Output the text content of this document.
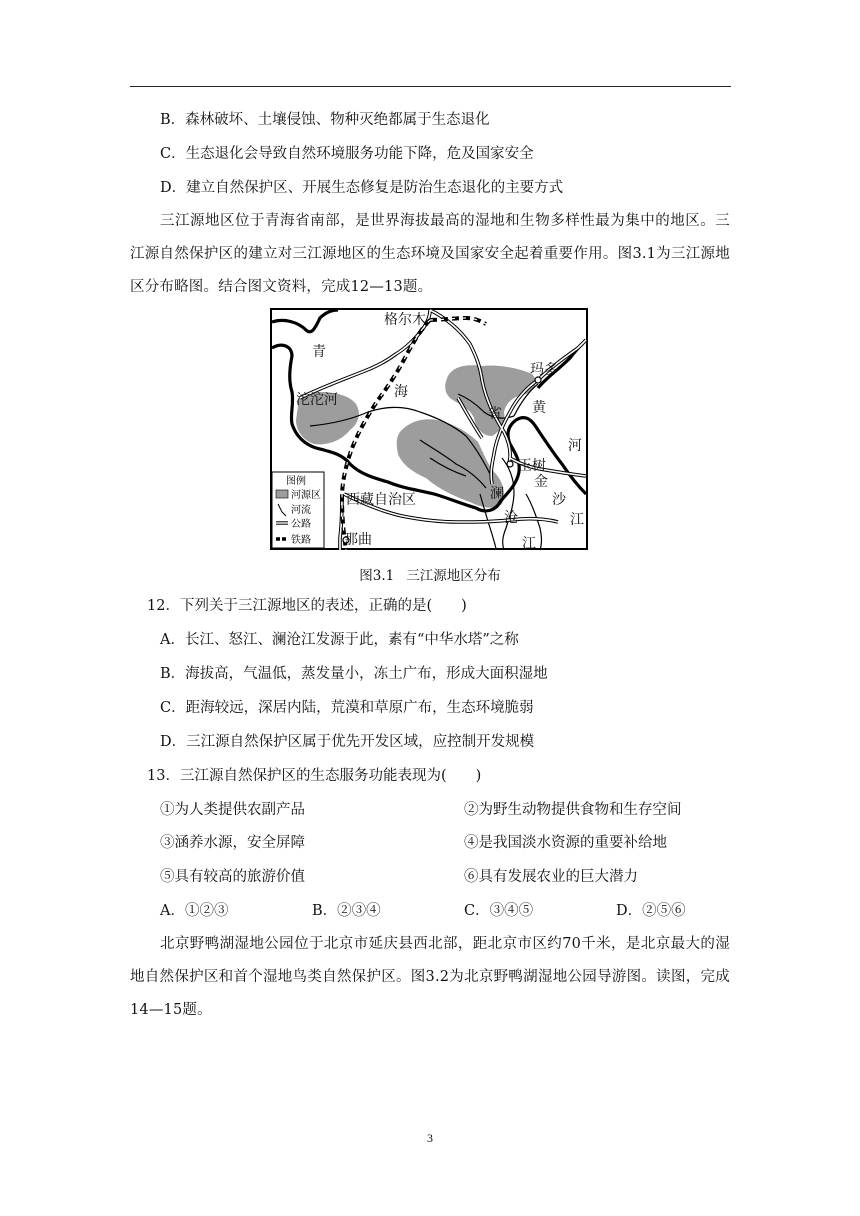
B．森林破坏、土壤侵蚀、物种灭绝都属于生态退化
C．生态退化会导致自然环境服务功能下降，危及国家安全
D．建立自然保护区、开展生态修复是防治生态退化的主要方式
三江源地区位于青海省南部，是世界海拔最高的湿地和生物多样性最为集中的地区。三江源自然保护区的建立对三江源地区的生态环境及国家安全起着重要作用。图3.1为三江源地区分布略图。结合图文资料，完成12—13题。
格尔木
青
沱沱河	海
省
玛多
黄
河
玉树
金
沙
江
澜
沧
江
西藏自治区
那曲
图例
河源区
河流
公路
铁路
图3.1 三江源地区分布
12．下列关于三江源地区的表述，正确的是(　　)
A．长江、怒江、澜沧江发源于此，素有“中华水塔”之称
B．海拔高，气温低，蒸发量小，冻土广布，形成大面积湿地
C．距海较远，深居内陆，荒漠和草原广布，生态环境脆弱
D．三江源自然保护区属于优先开发区域，应控制开发规模
13．三江源自然保护区的生态服务功能表现为(　　)
①为人类提供农副产品	②为野生动物提供食物和生存空间
③涵养水源，安全屏障	④是我国淡水资源的重要补给地
⑤具有较高的旅游价值	⑥具有发展农业的巨大潜力
A．①②③	B．②③④	C．③④⑤	D．②⑤⑥
北京野鸭湖湿地公园位于北京市延庆县西北部，距北京市区约70千米，是北京最大的湿地自然保护区和首个湿地鸟类自然保护区。图3.2为北京野鸭湖湿地公园导游图。读图，完成14—15题。
3
